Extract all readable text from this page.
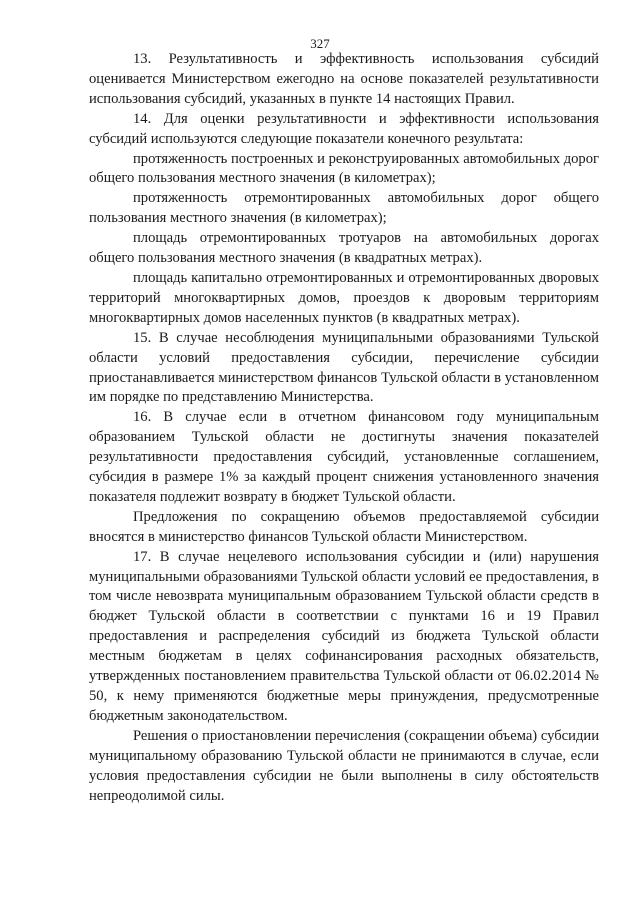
327

13. Результативность и эффективность использования субсидий оценивается Министерством ежегодно на основе показателей результативности использования субсидий, указанных в пункте 14 настоящих Правил.

14. Для оценки результативности и эффективности использования субсидий используются следующие показатели конечного результата:

протяженность построенных и реконструированных автомобильных дорог общего пользования местного значения (в километрах);

протяженность отремонтированных автомобильных дорог общего пользования местного значения (в километрах);

площадь отремонтированных тротуаров на автомобильных дорогах общего пользования местного значения (в квадратных метрах).

площадь капитально отремонтированных и отремонтированных дворовых территорий многоквартирных домов, проездов к дворовым территориям многоквартирных домов населенных пунктов (в квадратных метрах).

15. В случае несоблюдения муниципальными образованиями Тульской области условий предоставления субсидии, перечисление субсидии приостанавливается министерством финансов Тульской области в установленном им порядке по представлению Министерства.

16. В случае если в отчетном финансовом году муниципальным образованием Тульской области не достигнуты значения показателей результативности предоставления субсидий, установленные соглашением, субсидия в размере 1% за каждый процент снижения установленного значения показателя подлежит возврату в бюджет Тульской области.

Предложения по сокращению объемов предоставляемой субсидии вносятся в министерство финансов Тульской области Министерством.

17. В случае нецелевого использования субсидии и (или) нарушения муниципальными образованиями Тульской области условий ее предоставления, в том числе невозврата муниципальным образованием Тульской области средств в бюджет Тульской области в соответствии с пунктами 16 и 19 Правил предоставления и распределения субсидий из бюджета Тульской области местным бюджетам в целях софинансирования расходных обязательств, утвержденных постановлением правительства Тульской области от 06.02.2014 № 50, к нему применяются бюджетные меры принуждения, предусмотренные бюджетным законодательством.

Решения о приостановлении перечисления (сокращении объема) субсидии муниципальному образованию Тульской области не принимаются в случае, если условия предоставления субсидии не были выполнены в силу обстоятельств непреодолимой силы.
